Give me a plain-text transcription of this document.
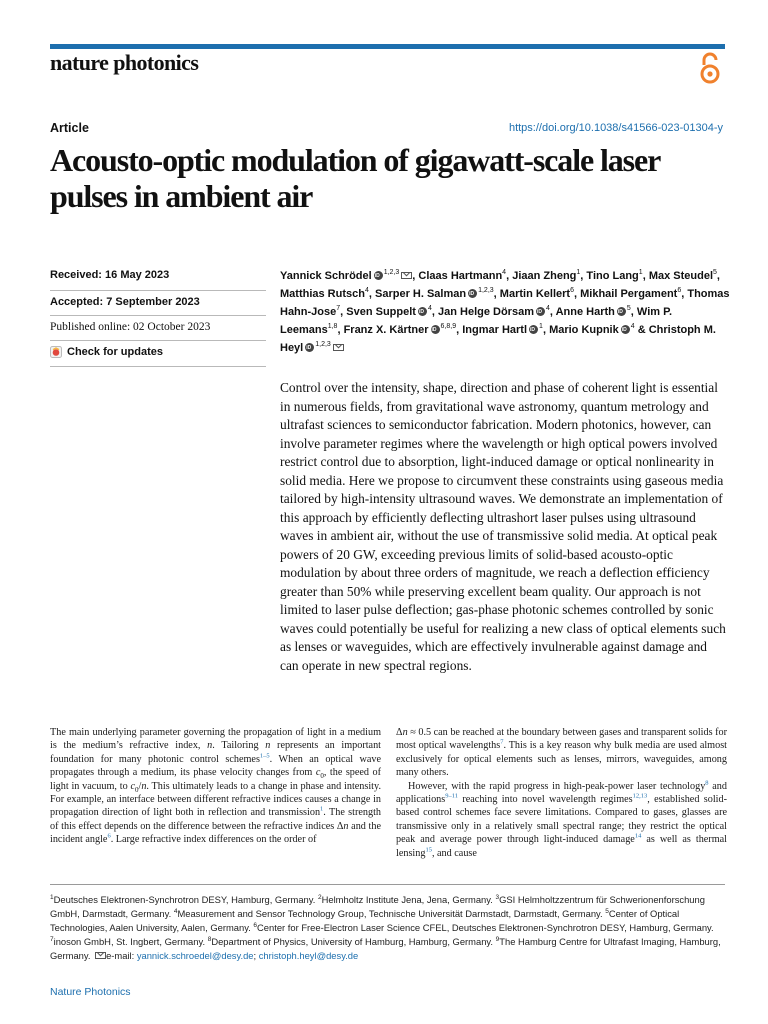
nature photonics
Article	https://doi.org/10.1038/s41566-023-01304-y
Acousto-optic modulation of gigawatt-scale laser pulses in ambient air
Received: 16 May 2023
Accepted: 7 September 2023
Published online: 02 October 2023
Check for updates
Yannick Schrödel iD $^{1,2,3}$ , Claas Hartmann$^4$, Jiaan Zheng$^1$, Tino Lang$^1$, Max Steudel$^5$, Matthias Rutsch$^4$, Sarper H. Salman iD $^{1,2,3}$, Martin Kellert$^6$, Mikhail Pergament$^6$, Thomas Hahn-Jose$^7$, Sven Suppelt iD $^4$, Jan Helge Dörsam iD $^4$, Anne Harth iD $^5$, Wim P. Leemans$^{1,8}$, Franz X. Kärtner iD $^{6,8,9}$, Ingmar Hartl iD $^1$, Mario Kupnik iD $^4$ & Christoph M. Heyl iD $^{1,2,3}$

Control over the intensity, shape, direction and phase of coherent light is essential in numerous fields, from gravitational wave astronomy, quantum metrology and ultrafast sciences to semiconductor fabrication. Modern photonics, however, can involve parameter regimes where the wavelength or high optical powers involved restrict control due to absorption, light-induced damage or optical nonlinearity in solid media. Here we propose to circumvent these constraints using gaseous media tailored by high-intensity ultrasound waves. We demonstrate an implementation of this approach by efficiently deflecting ultrashort laser pulses using ultrasound waves in ambient air, without the use of transmissive solid media. At optical peak powers of 20 GW, exceeding previous limits of solid-based acousto-optic modulation by about three orders of magnitude, we reach a deflection efficiency greater than 50% while preserving excellent beam quality. Our approach is not limited to laser pulse deflection; gas-phase photonic schemes controlled by sonic waves could potentially be useful for realizing a new class of optical elements such as lenses or waveguides, which are effectively invulnerable against damage and can operate in new spectral regions.

The main underlying parameter governing the propagation of light in a medium is the medium’s refractive index, n. Tailoring n represents an important foundation for many photonic control schemes$^{1-5}$. When an optical wave propagates through a medium, its phase velocity changes from $c_0$, the speed of light in vacuum, to $c_0/n$. This ultimately leads to a change in phase and intensity. For example, an interface between different refractive indices causes a change in propagation direction of light both in reflection and transmission$^1$. The strength of this effect depends on the difference between the refractive indices Δn and the incident angle$^6$. Large refractive index differences on the order of

Δn ≈ 0.5 can be reached at the boundary between gases and transparent solids for most optical wavelengths$^7$. This is a key reason why bulk media are used almost exclusively for optical elements such as lenses, mirrors, waveguides, among many others.

However, with the rapid progress in high-peak-power laser technology$^8$ and applications$^{9-11}$ reaching into novel wavelength regimes$^{12,13}$, established solid-based control schemes face severe limitations. Compared to gases, glasses are transmissive only in a relatively small spectral range; they restrict the optical peak and average power through light-induced damage$^{14}$ as well as thermal lensing$^{15}$, and cause

$^1$Deutsches Elektronen-Synchrotron DESY, Hamburg, Germany. $^2$Helmholtz Institute Jena, Jena, Germany. $^3$GSI Helmholtzzentrum für Schwerionenforschung GmbH, Darmstadt, Germany. $^4$Measurement and Sensor Technology Group, Technische Universität Darmstadt, Darmstadt, Germany. $^5$Center of Optical Technologies, Aalen University, Aalen, Germany. $^6$Center for Free-Electron Laser Science CFEL, Deutsches Elektronen-Synchrotron DESY, Hamburg, Germany. $^7$inoson GmbH, St. Ingbert, Germany. $^8$Department of Physics, University of Hamburg, Hamburg, Germany. $^9$The Hamburg Centre for Ultrafast Imaging, Hamburg, Germany. e-mail: yannick.schroedel@desy.de; christoph.heyl@desy.de
Nature Photonics
